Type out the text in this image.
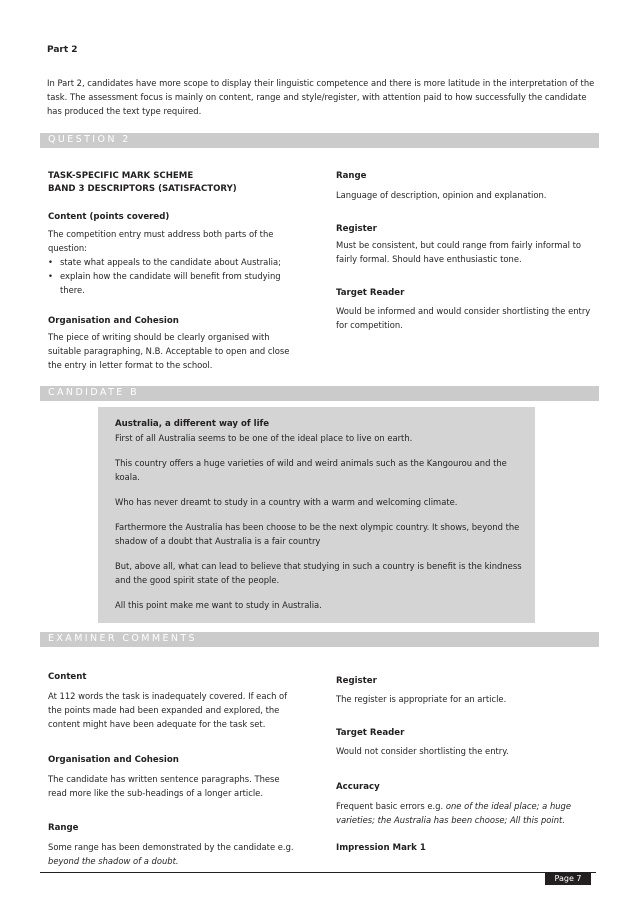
Part 2
In Part 2, candidates have more scope to display their linguistic competence and there is more latitude in the interpretation of the task. The assessment focus is mainly on content, range and style/register, with attention paid to how successfully the candidate has produced the text type required.
QUESTION 2
TASK-SPECIFIC MARK SCHEME
BAND 3 DESCRIPTORS (SATISFACTORY)
Content (points covered)
The competition entry must address both parts of the question:
• state what appeals to the candidate about Australia;
• explain how the candidate will benefit from studying there.
Organisation and Cohesion
The piece of writing should be clearly organised with suitable paragraphing, N.B. Acceptable to open and close the entry in letter format to the school.
Range
Language of description, opinion and explanation.
Register
Must be consistent, but could range from fairly informal to fairly formal. Should have enthusiastic tone.
Target Reader
Would be informed and would consider shortlisting the entry for competition.
CANDIDATE B
Australia, a different way of life

First of all Australia seems to be one of the ideal place to live on earth.

This country offers a huge varieties of wild and weird animals such as the Kangourou and the koala.

Who has never dreamt to study in a country with a warm and welcoming climate.

Farthermore the Australia has been choose to be the next olympic country. It shows, beyond the shadow of a doubt that Australia is a fair country

But, above all, what can lead to believe that studying in such a country is benefit is the kindness and the good spirit state of the people.

All this point make me want to study in Australia.

EXAMINER COMMENTS
Content
At 112 words the task is inadequately covered. If each of the points made had been expanded and explored, the content might have been adequate for the task set.
Organisation and Cohesion
The candidate has written sentence paragraphs. These read more like the sub-headings of a longer article.
Range
Some range has been demonstrated by the candidate e.g.
beyond the shadow of a doubt.
Register
The register is appropriate for an article.
Target Reader
Would not consider shortlisting the entry.
Accuracy
Frequent basic errors e.g. one of the ideal place; a huge varieties; the Australia has been choose; All this point.
Impression Mark 1
Page 7
